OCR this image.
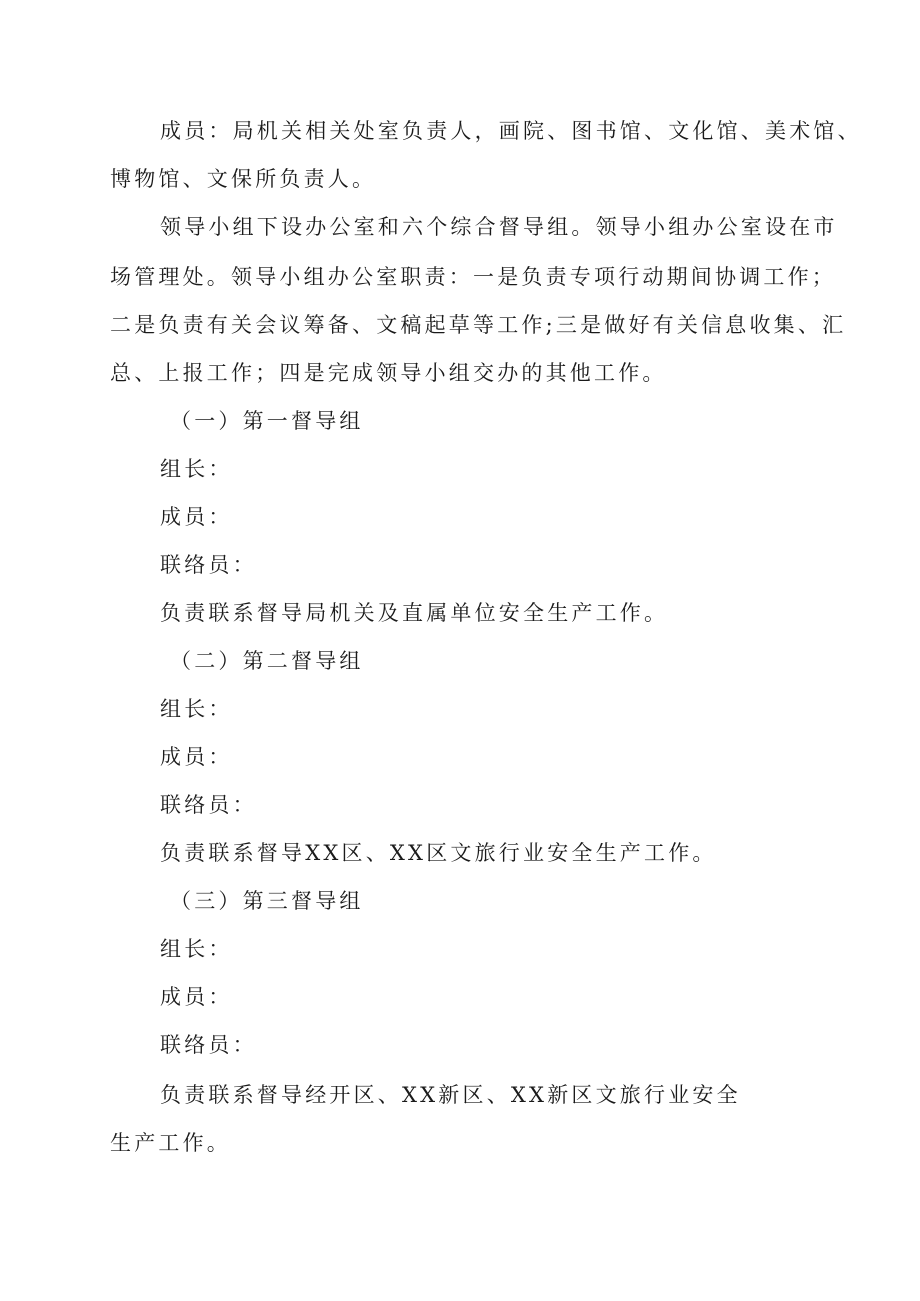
成员：局机关相关处室负责人，画院、图书馆、文化馆、美术馆、
博物馆、文保所负责人。
领导小组下设办公室和六个综合督导组。领导小组办公室设在市
场管理处。领导小组办公室职责：一是负责专项行动期间协调工作；
二是负责有关会议筹备、文稿起草等工作;三是做好有关信息收集、汇
总、上报工作；四是完成领导小组交办的其他工作。
（一）第一督导组
组长：
成员：
联络员：
负责联系督导局机关及直属单位安全生产工作。
（二）第二督导组
组长：
成员：
联络员：
负责联系督导XX区、XX区文旅行业安全生产工作。
（三）第三督导组
组长：
成员：
联络员：
负责联系督导经开区、XX新区、XX新区文旅行业安全
生产工作。
